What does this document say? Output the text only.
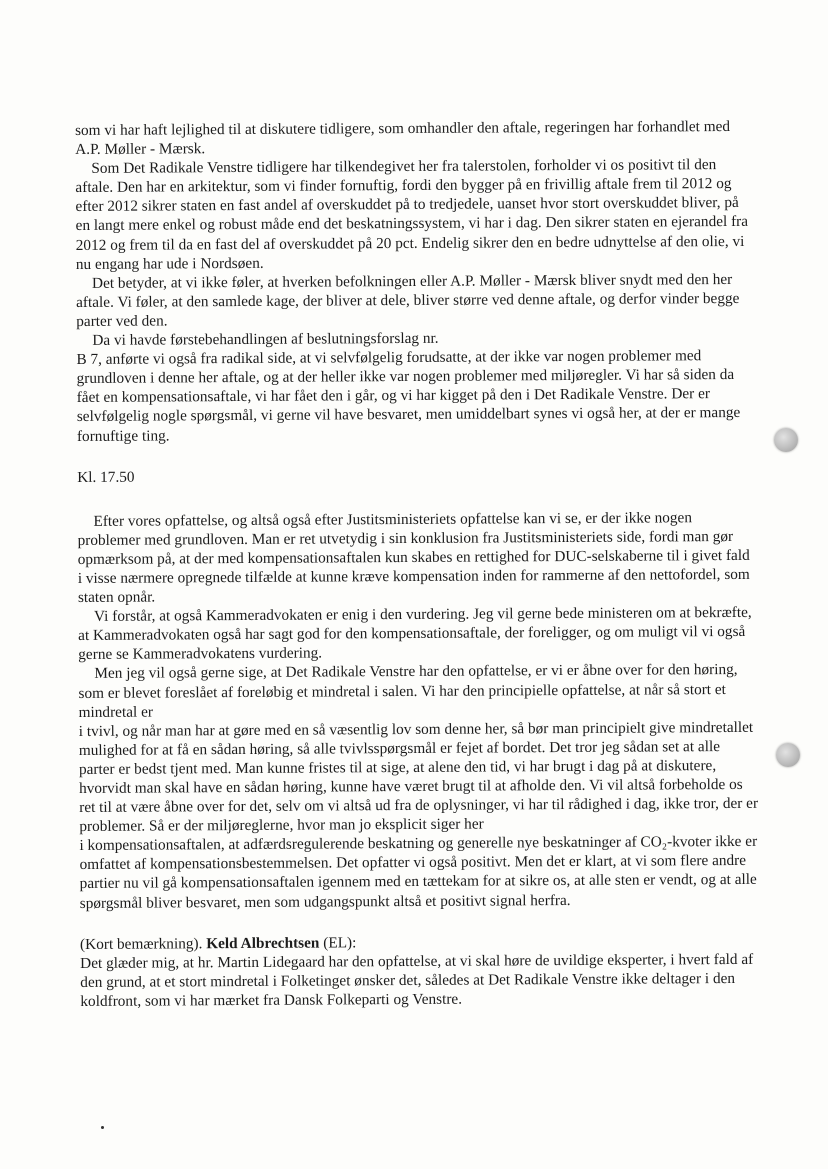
som vi har haft lejlighed til at diskutere tidligere, som omhandler den aftale, regeringen har forhandlet med A.P. Møller - Mærsk.

Som Det Radikale Venstre tidligere har tilkendegivet her fra talerstolen, forholder vi os positivt til den aftale. Den har en arkitektur, som vi finder fornuftig, fordi den bygger på en frivillig aftale frem til 2012 og efter 2012 sikrer staten en fast andel af overskuddet på to tredjedele, uanset hvor stort overskuddet bliver, på en langt mere enkel og robust måde end det beskatningssystem, vi har i dag. Den sikrer staten en ejerandel fra 2012 og frem til da en fast del af overskuddet på 20 pct. Endelig sikrer den en bedre udnyttelse af den olie, vi nu engang har ude i Nordsøen.

Det betyder, at vi ikke føler, at hverken befolkningen eller A.P. Møller - Mærsk bliver snydt med den her aftale. Vi føler, at den samlede kage, der bliver at dele, bliver større ved denne aftale, og derfor vinder begge parter ved den.

Da vi havde førstebehandlingen af beslutningsforslag nr.

B 7, anførte vi også fra radikal side, at vi selvfølgelig forudsatte, at der ikke var nogen problemer med grundloven i denne her aftale, og at der heller ikke var nogen problemer med miljøregler. Vi har så siden da fået en kompensationsaftale, vi har fået den i går, og vi har kigget på den i Det Radikale Venstre. Der er selvfølgelig nogle spørgsmål, vi gerne vil have besvaret, men umiddelbart synes vi også her, at der er mange fornuftige ting.

Kl. 17.50

Efter vores opfattelse, og altså også efter Justitsministeriets opfattelse kan vi se, er der ikke nogen problemer med grundloven. Man er ret utvetydig i sin konklusion fra Justitsministeriets side, fordi man gør opmærksom på, at der med kompensationsaftalen kun skabes en rettighed for DUC-selskaberne til i givet fald i visse nærmere opregnede tilfælde at kunne kræve kompensation inden for rammerne af den nettofordel, som staten opnår.

Vi forstår, at også Kammeradvokaten er enig i den vurdering. Jeg vil gerne bede ministeren om at bekræfte, at Kammeradvokaten også har sagt god for den kompensationsaftale, der foreligger, og om muligt vil vi også gerne se Kammeradvokatens vurdering.

Men jeg vil også gerne sige, at Det Radikale Venstre har den opfattelse, er vi er åbne over for den høring, som er blevet foreslået af foreløbig et mindretal i salen. Vi har den principielle opfattelse, at når så stort et mindretal er

i tvivl, og når man har at gøre med en så væsentlig lov som denne her, så bør man principielt give mindretallet mulighed for at få en sådan høring, så alle tvivlsspørgsmål er fejet af bordet. Det tror jeg sådan set at alle parter er bedst tjent med. Man kunne fristes til at sige, at alene den tid, vi har brugt i dag på at diskutere, hvorvidt man skal have en sådan høring, kunne have været brugt til at afholde den. Vi vil altså forbeholde os ret til at være åbne over for det, selv om vi altså ud fra de oplysninger, vi har til rådighed i dag, ikke tror, der er problemer. Så er der miljøreglerne, hvor man jo eksplicit siger her

i kompensationsaftalen, at adfærdsregulerende beskatning og generelle nye beskatninger af CO₂-kvoter ikke er omfattet af kompensationsbestemmelsen. Det opfatter vi også positivt. Men det er klart, at vi som flere andre partier nu vil gå kompensationsaftalen igennem med en tættekam for at sikre os, at alle sten er vendt, og at alle spørgsmål bliver besvaret, men som udgangspunkt altså et positivt signal herfra.

(Kort bemærkning). Keld Albrechtsen (EL):

Det glæder mig, at hr. Martin Lidegaard har den opfattelse, at vi skal høre de uvildige eksperter, i hvert fald af den grund, at et stort mindretal i Folketinget ønsker det, således at Det Radikale Venstre ikke deltager i den koldfront, som vi har mærket fra Dansk Folkeparti og Venstre.
